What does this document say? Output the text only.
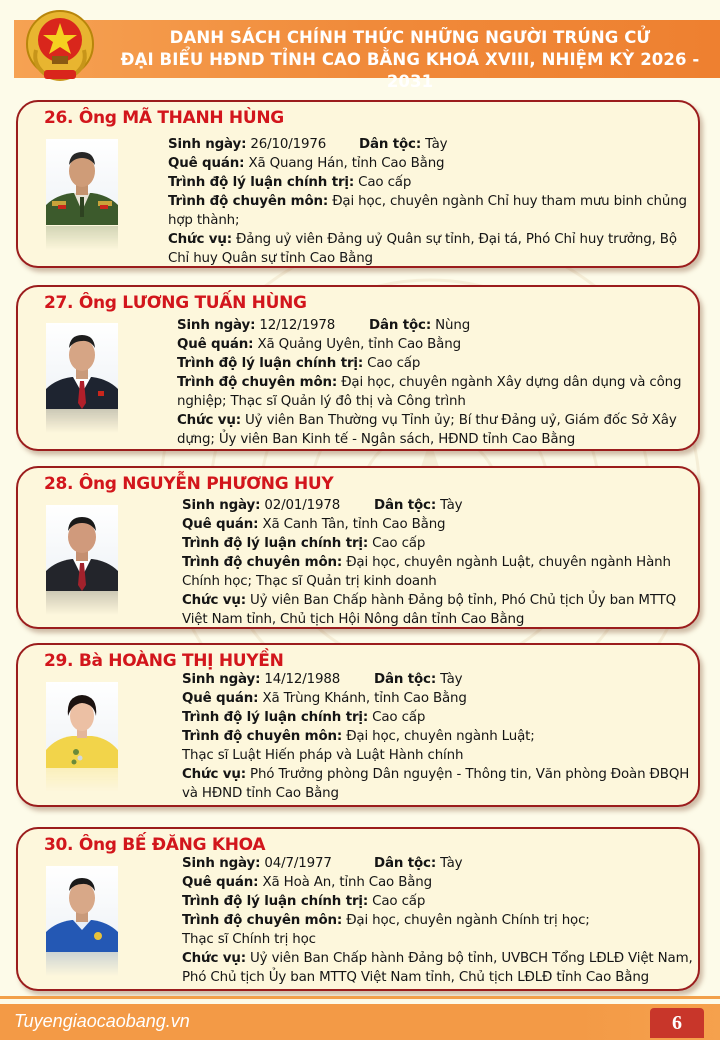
DANH SÁCH CHÍNH THỨC NHỮNG NGƯỜI TRÚNG CỬ
ĐẠI BIỂU HĐND TỈNH CAO BẰNG KHOÁ XVIII, NHIỆM KỲ 2026 - 2031
26. Ông MÃ THANH HÙNG
Sinh ngày: 26/10/1976 Dân tộc: Tày
Quê quán: Xã Quang Hán, tỉnh Cao Bằng
Trình độ lý luận chính trị: Cao cấp
Trình độ chuyên môn: Đại học, chuyên ngành Chỉ huy tham mưu binh chủng hợp thành;
Chức vụ: Đảng uỷ viên Đảng uỷ Quân sự tỉnh, Đại tá, Phó Chỉ huy trưởng, Bộ Chỉ huy Quân sự tỉnh Cao Bằng
27. Ông LƯƠNG TUẤN HÙNG
Sinh ngày: 12/12/1978	Dân tộc: Nùng
Quê quán: Xã Quảng Uyên, tỉnh Cao Bằng
Trình độ lý luận chính trị: Cao cấp
Trình độ chuyên môn: Đại học, chuyên ngành Xây dựng dân dụng và công nghiệp; Thạc sĩ Quản lý đô thị và Công trình
Chức vụ: Uỷ viên Ban Thường vụ Tỉnh ủy; Bí thư Đảng uỷ, Giám đốc Sở Xây dựng; Ủy viên Ban Kinh tế - Ngân sách, HĐND tỉnh Cao Bằng
28. Ông NGUYỄN PHƯƠNG HUY
Sinh ngày: 02/01/1978	Dân tộc: Tày
Quê quán: Xã Canh Tân, tỉnh Cao Bằng
Trình độ lý luận chính trị: Cao cấp
Trình độ chuyên môn: Đại học, chuyên ngành Luật, chuyên ngành Hành Chính học; Thạc sĩ Quản trị kinh doanh
Chức vụ: Uỷ viên Ban Chấp hành Đảng bộ tỉnh, Phó Chủ tịch Ủy ban MTTQ Việt Nam tỉnh, Chủ tịch Hội Nông dân tỉnh Cao Bằng
29. Bà HOÀNG THỊ HUYỀN
Sinh ngày: 14/12/1988	Dân tộc: Tày
Quê quán: Xã Trùng Khánh, tỉnh Cao Bằng
Trình độ lý luận chính trị: Cao cấp
Trình độ chuyên môn: Đại học, chuyên ngành Luật;
Thạc sĩ Luật Hiến pháp và Luật Hành chính
Chức vụ: Phó Trưởng phòng Dân nguyện - Thông tin, Văn phòng Đoàn ĐBQH và HĐND tỉnh Cao Bằng
30. Ông BẾ ĐĂNG KHOA
Sinh ngày: 04/7/1977	Dân tộc: Tày
Quê quán: Xã Hoà An, tỉnh Cao Bằng
Trình độ lý luận chính trị: Cao cấp
Trình độ chuyên môn: Đại học, chuyên ngành Chính trị học;
Thạc sĩ Chính trị học
Chức vụ: Uỷ viên Ban Chấp hành Đảng bộ tỉnh, UVBCH Tổng LĐLĐ Việt Nam, Phó Chủ tịch Ủy ban MTTQ Việt Nam tỉnh, Chủ tịch LĐLĐ tỉnh Cao Bằng
Tuyengiaocaobang.vn	6
